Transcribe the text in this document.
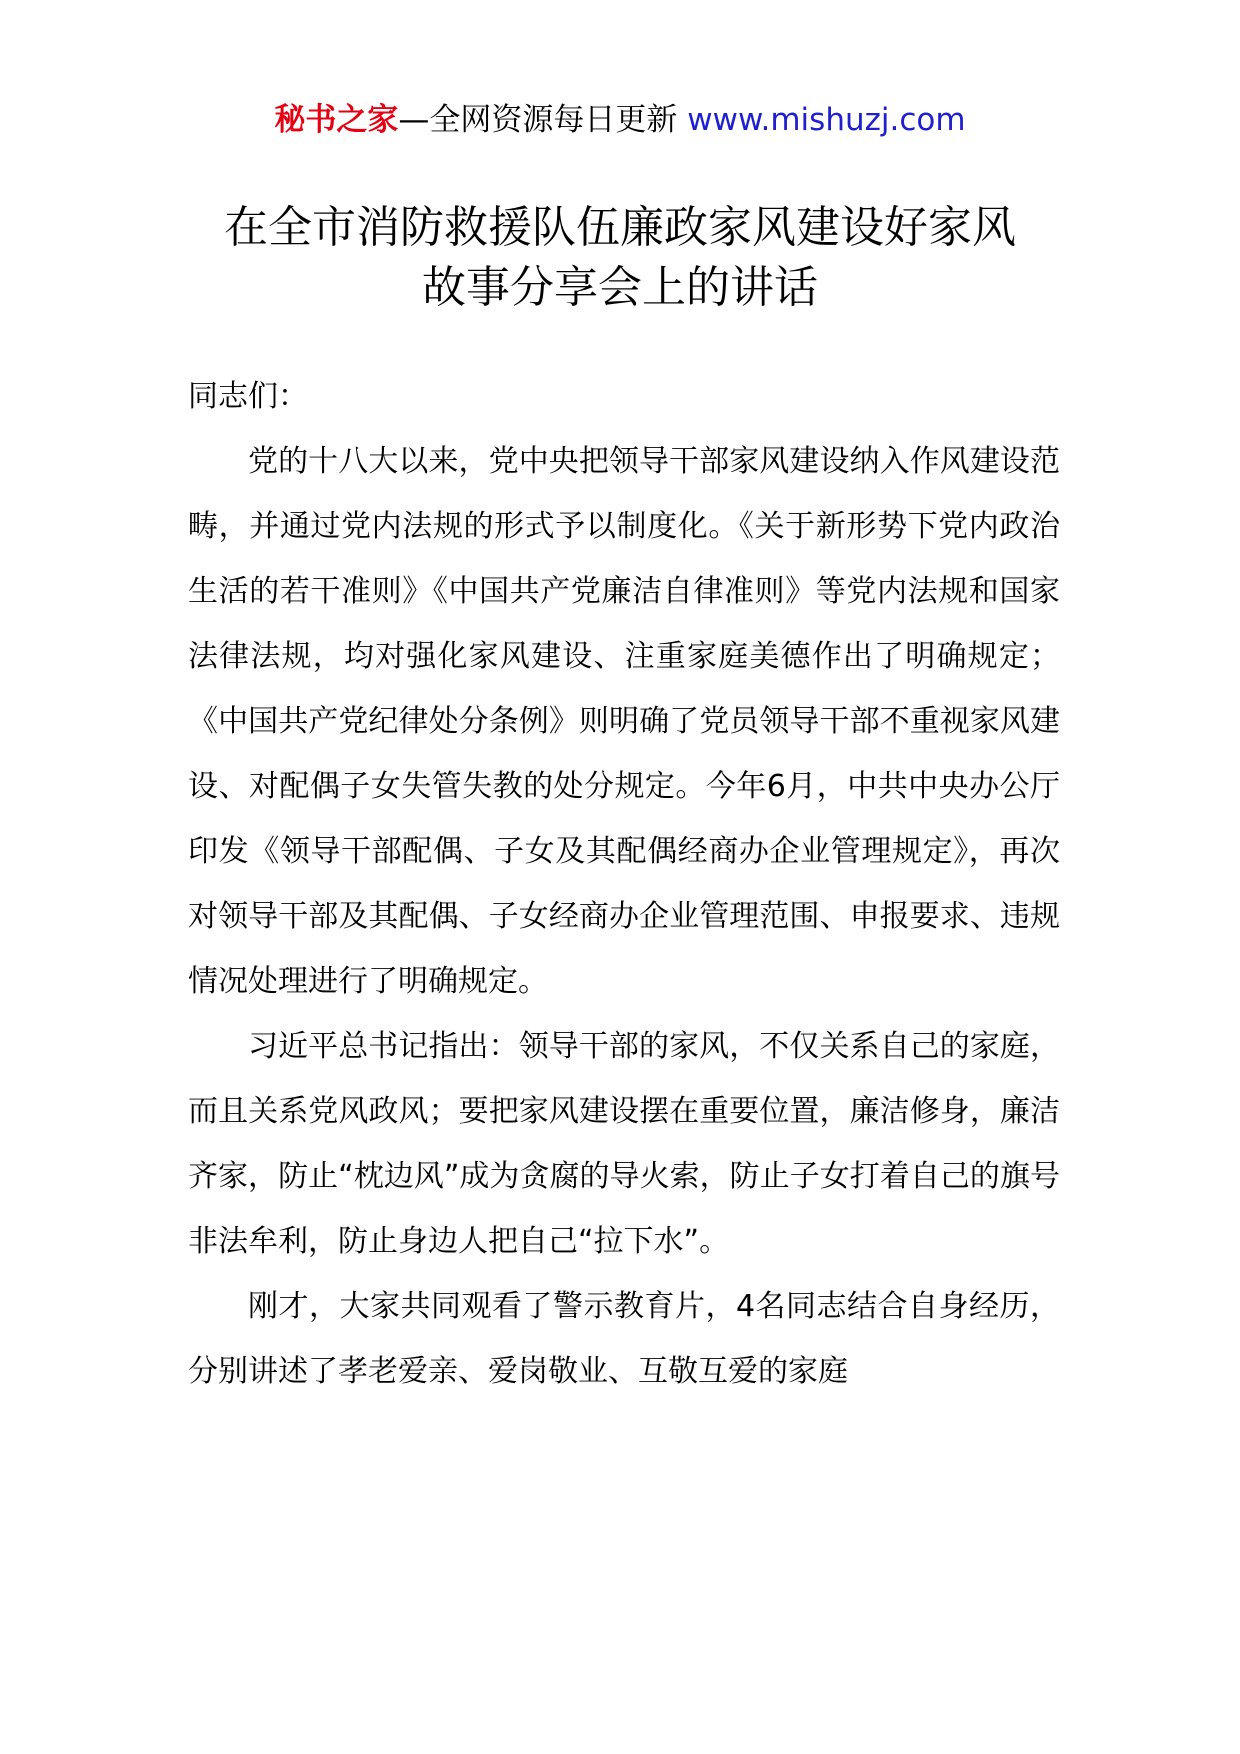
秘书之家—全网资源每日更新 www.mishuzj.com
在全市消防救援队伍廉政家风建设好家风
故事分享会上的讲话

同志们：

党的十八大以来，党中央把领导干部家风建设纳入作风建设范畴，并通过党内法规的形式予以制度化。《关于新形势下党内政治生活的若干准则》《中国共产党廉洁自律准则》等党内法规和国家法律法规，均对强化家风建设、注重家庭美德作出了明确规定；《中国共产党纪律处分条例》则明确了党员领导干部不重视家风建设、对配偶子女失管失教的处分规定。今年6月，中共中央办公厅印发《领导干部配偶、子女及其配偶经商办企业管理规定》，再次对领导干部及其配偶、子女经商办企业管理范围、申报要求、违规情况处理进行了明确规定。

习近平总书记指出：领导干部的家风，不仅关系自己的家庭，而且关系党风政风；要把家风建设摆在重要位置，廉洁修身，廉洁齐家，防止“枕边风”成为贪腐的导火索，防止子女打着自己的旗号非法牟利，防止身边人把自己“拉下水”。

刚才，大家共同观看了警示教育片，4名同志结合自身经历，分别讲述了孝老爱亲、爱岗敬业、互敬互爱的家庭
